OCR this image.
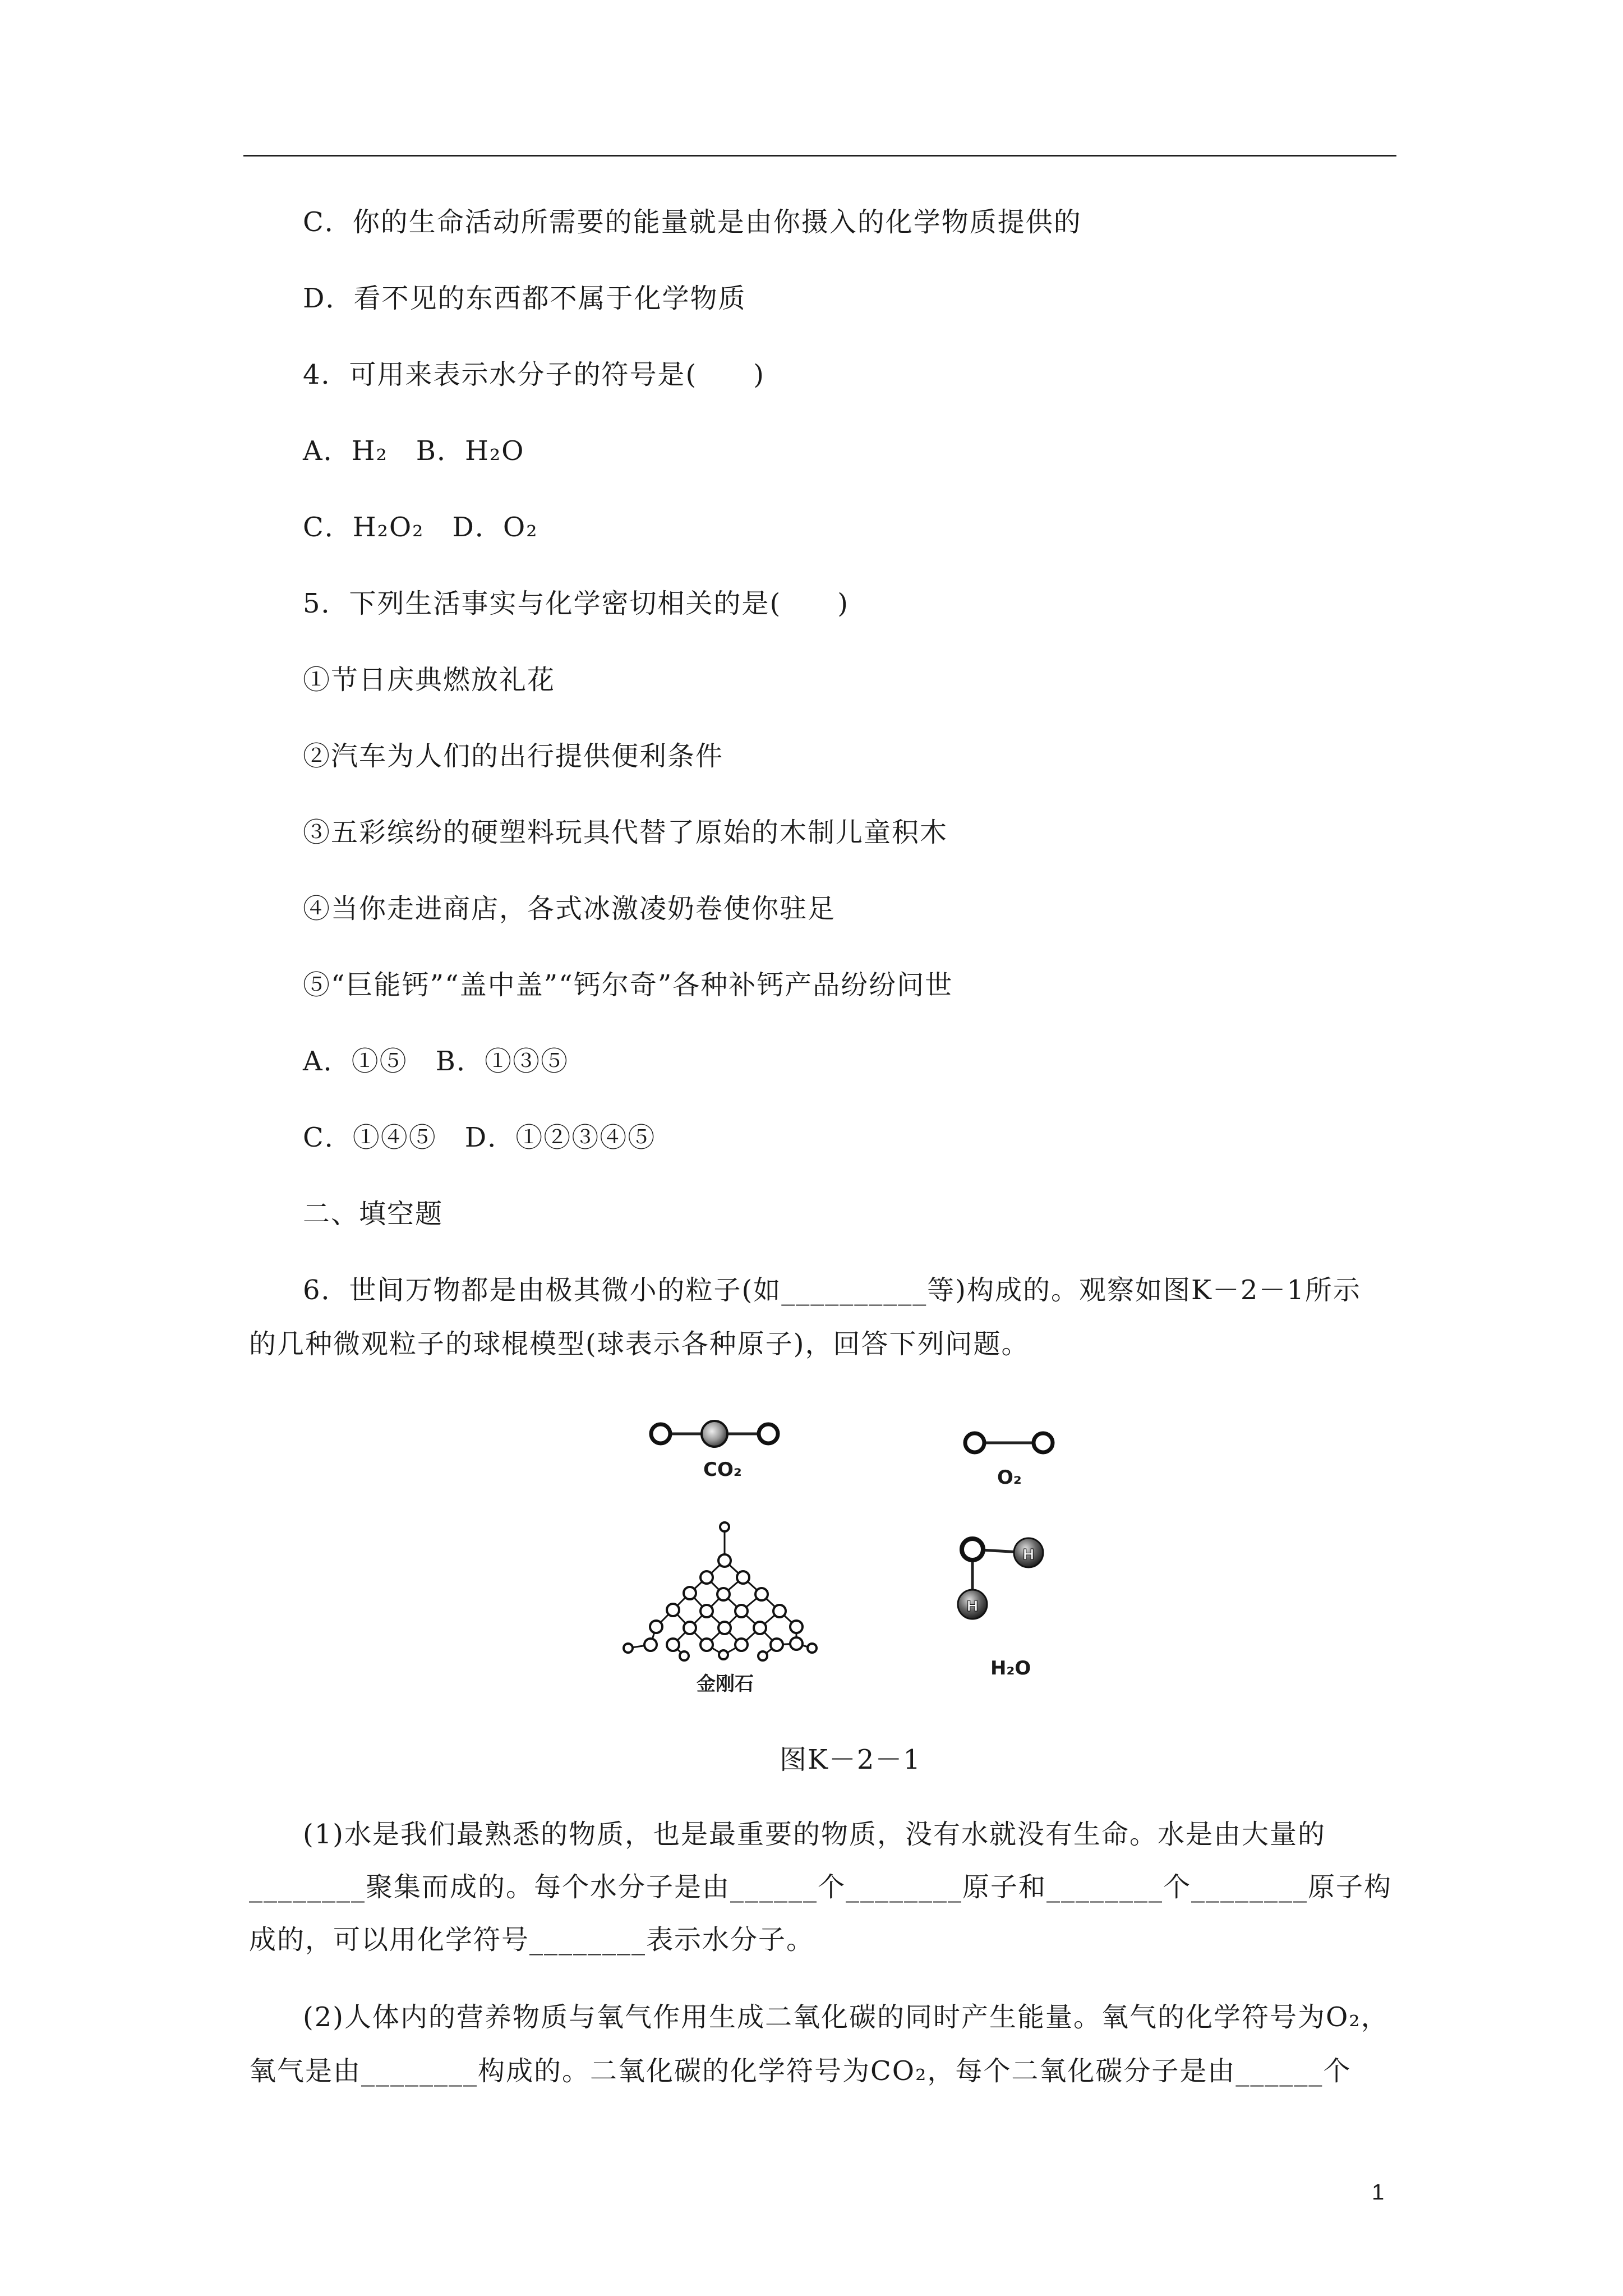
C．你的生命活动所需要的能量就是由你摄入的化学物质提供的
D．看不见的东西都不属于化学物质
4．可用来表示水分子的符号是(　　)
A．H₂　B．H₂O
C．H₂O₂　D．O₂
5．下列生活事实与化学密切相关的是(　　)
①节日庆典燃放礼花
②汽车为人们的出行提供便利条件
③五彩缤纷的硬塑料玩具代替了原始的木制儿童积木
④当你走进商店，各式冰激凌奶卷使你驻足
⑤“巨能钙”“盖中盖”“钙尔奇”各种补钙产品纷纷问世
A．①⑤　B．①③⑤
C．①④⑤　D．①②③④⑤
二、填空题
6．世间万物都是由极其微小的粒子(如__________等)构成的。观察如图K－2－1所示
的几种微观粒子的球棍模型(球表示各种原子)，回答下列问题。
H
H
CO₂	O₂
金刚石
H₂O
图K－2－1
(1)水是我们最熟悉的物质，也是最重要的物质，没有水就没有生命。水是由大量的
________聚集而成的。每个水分子是由______个________原子和________个________原子构
成的，可以用化学符号________表示水分子。
(2)人体内的营养物质与氧气作用生成二氧化碳的同时产生能量。氧气的化学符号为O₂，
氧气是由________构成的。二氧化碳的化学符号为CO₂，每个二氧化碳分子是由______个
1
